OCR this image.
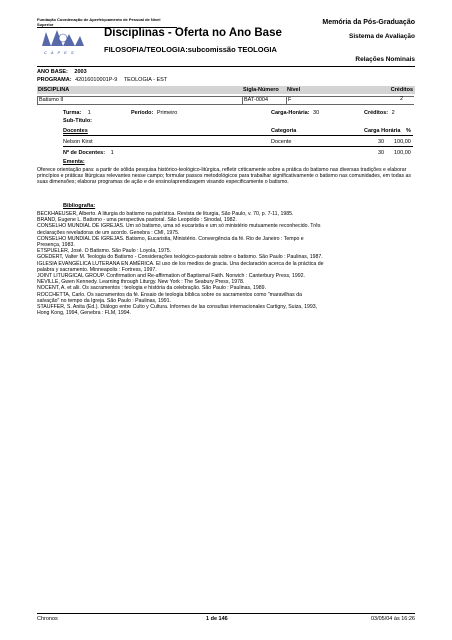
Fundação Coordenação de Aperfeiçoamento de Pessoal de Nível Superior
C A P E S
Disciplinas - Oferta no Ano Base
FILOSOFIA/TEOLOGIA:subcomissão TEOLOGIA
Memória da Pós-Graduação
Sistema de Avaliação
Relações Nominais
ANO BASE: 2003
PROGRAMA: 42016010001P-9 TEOLOGIA - EST
DISCIPLINA	Sigla-Número Nível	Créditos
Batismo II	BAT-0004	F	2
Turma: 1	Período: Primeiro	Carga-Horária: 30	Créditos: 2
Sub-Título:
Docentes	Categoria	Carga Horária %
Nelson Kirst	Docente	30 100,00
Nº de Docentes: 1	30 100,00
Ementa:
Oferece orientação para: a partir de sólida pesquisa histórico-teológico-litúrgica, refletir criticamente sobre a prática do batismo nas diversas tradições e elaborar princípios e práticas litúrgicas relevantes nesse campo; formular passos metodológicos para trabalhar significativamente o batismo nas comunidades, em todas as suas dimensões; elaborar programas de ação e de ensino/aprendizagem visando especificamente o batismo.
Bibliografia:
BECKHAEUSER, Alberto. A liturgia do batismo na patrística. Revista de liturgia, São Paulo, v. 70, p. 7-11, 1985.
BRAND, Eugene L. Batismo - uma perspectiva pastoral. São Leopoldo : Sinodal, 1982.
CONSELHO MUNDIAL DE IGREJAS. Um só batismo, uma só eucaristia e um só ministério mutuamente reconhecido. Três
declarações reveladoras de um acordo. Genebra : CMI, 1975.
CONSELHO MUNDIAL DE IGREJAS. Batismo, Eucaristia, Ministério. Convergência da fé. Rio de Janeiro : Tempo e
Presença, 1983.
ETSPUELER, José. O Batismo. São Paulo : Loyola, 1975.
GOEDERT, Valter M. Teologia do Batismo - Considerações teológico-pastorais sobre o batismo. São Paulo : Paulinas, 1987.
IGLESIA EVANGÉLICA LUTERANA EN AMÉRICA. El uso de los medios de gracia. Una declaración acerca de la práctica de
palabra y sacramento. Minneapolis : Fortress, 1997.
JOINT LITURGICAL GROUP. Confirmation and Re-affirmation of Baptismal Faith. Norwich : Canterbury Press, 1992.
NEVILLE, Gwen Kennedy. Learning through Liturgy. New York : The Seabury Press, 1978.
NOCENT, A. et alii. Os sacramentos : teologia e história da celebração. São Paulo : Paulinas, 1989.
ROCCHETTA, Carlo. Os sacramentos da fé. Ensaio de teologia bíblica sobre os sacramentos como "maravilhas da
salvação" no tempo da Igreja. São Paulo : Paulinas, 1991.
STAUFFER, S. Anita (Ed.). Diálogo entre Culto y Cultura. Informes de las consultas internacionales Cartigny, Suiza, 1993,
Hong Kong, 1994, Genebra : FLM, 1994.
Chronos	1 de 146	03/05/04 às 16:26
